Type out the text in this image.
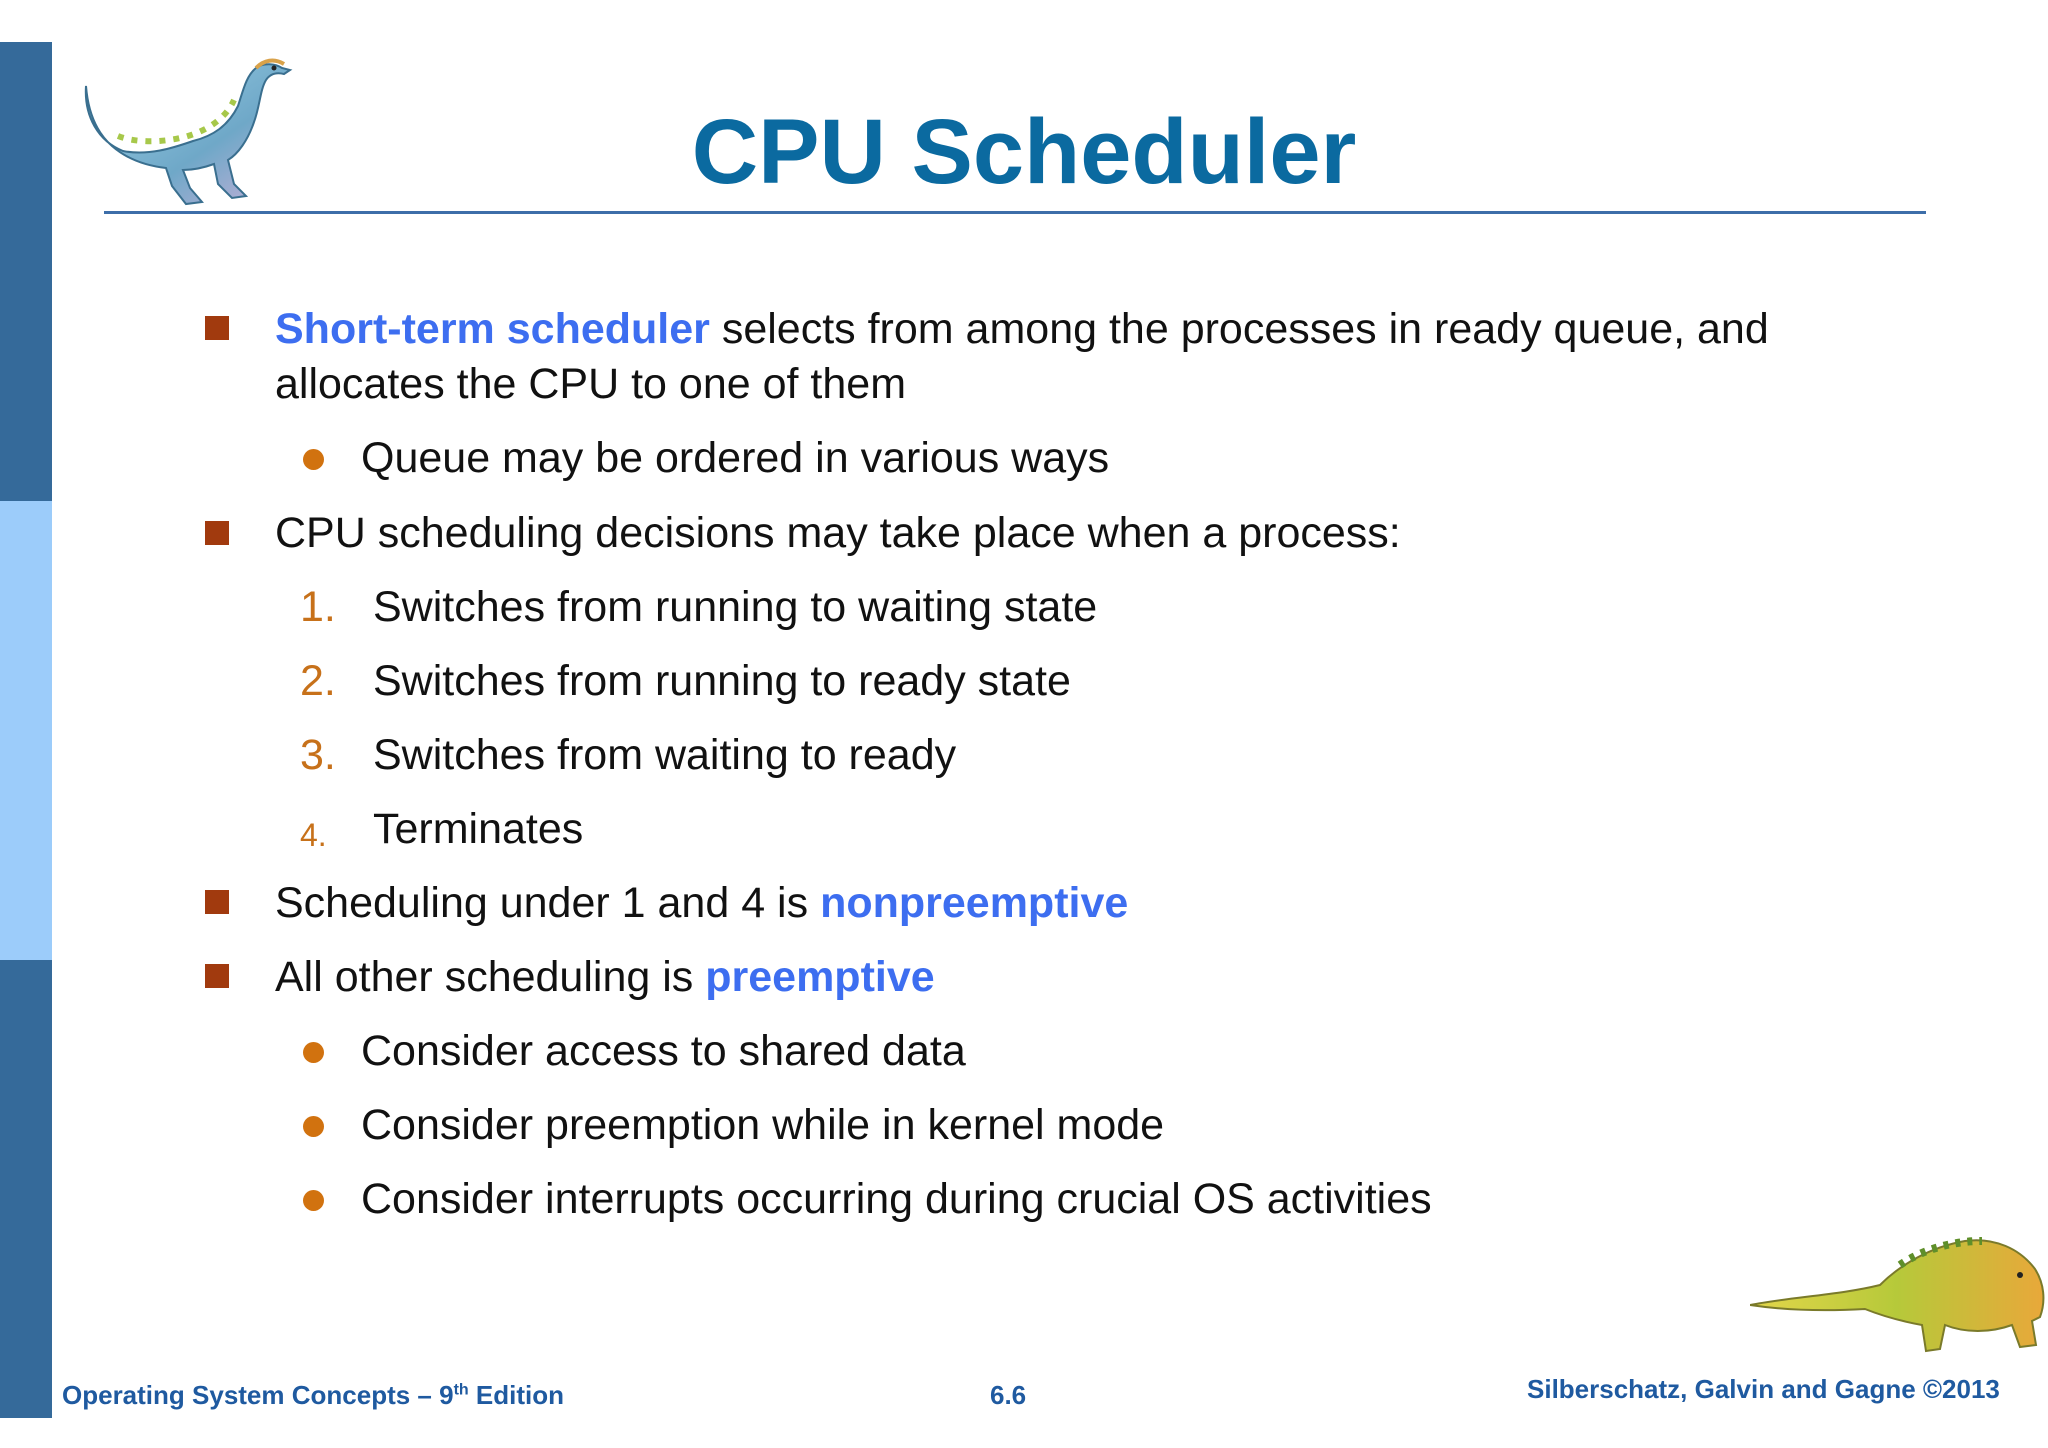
CPU Scheduler
Short-term scheduler selects from among the processes in ready queue, and
allocates the CPU to one of them
Queue may be ordered in various ways
CPU scheduling decisions may take place when a process:
1. Switches from running to waiting state
2. Switches from running to ready state
3. Switches from waiting to ready
4. Terminates
Scheduling under 1 and 4 is nonpreemptive
All other scheduling is preemptive
Consider access to shared data
Consider preemption while in kernel mode
Consider interrupts occurring during crucial OS activities
Operating System Concepts – 9th Edition	6.6	Silberschatz, Galvin and Gagne ©2013
